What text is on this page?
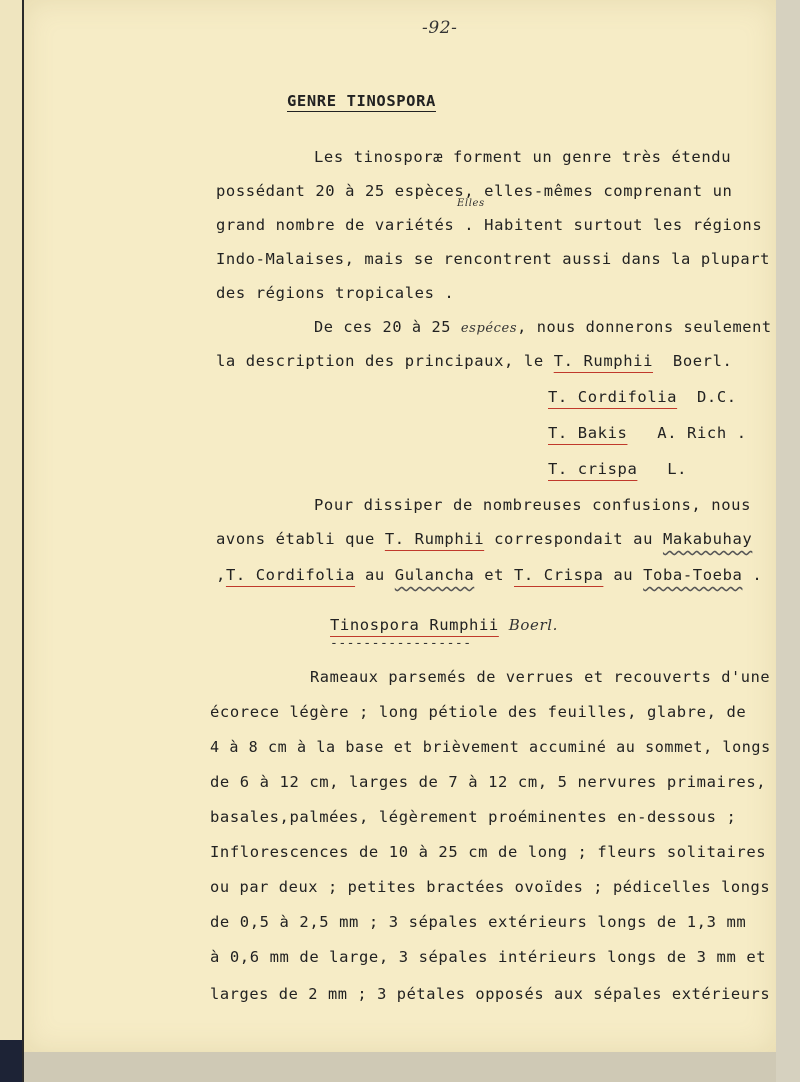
-92-
GENRE TINOSPORA
Les tinosporæ forment un genre très étendu
possédant 20 à 25 espèces, elles-mêmes comprenant un
grand nombre de variétés . Habitent surtout les régions
Elles
Indo-Malaises, mais se rencontrent aussi dans la plupart
des régions tropicales .
De ces 20 à 25 espéces, nous donnerons seulement
la description des principaux, le T. Rumphii Boerl.
T. Cordifolia D.C.
T. Bakis A. Rich .
T. crispa L.
Pour dissiper de nombreuses confusions, nous
avons établi que T. Rumphii correspondait au Makabuhay
,T. Cordifolia au Gulancha et T. Crispa au Toba-Toeba .
Tinospora Rumphii Boerl.
-----------------
Rameaux parsemés de verrues et recouverts d'une
écorece légère ; long pétiole des feuilles, glabre, de
4 à 8 cm à la base et brièvement accuminé au sommet, longs
de 6 à 12 cm, larges de 7 à 12 cm, 5 nervures primaires,
basales,palmées, légèrement proéminentes en-dessous ;
Inflorescences de 10 à 25 cm de long ; fleurs solitaires
ou par deux ; petites bractées ovoïdes ; pédicelles longs
de 0,5 à 2,5 mm ; 3 sépales extérieurs longs de 1,3 mm
à 0,6 mm de large, 3 sépales intérieurs longs de 3 mm et
larges de 2 mm ; 3 pétales opposés aux sépales extérieurs
